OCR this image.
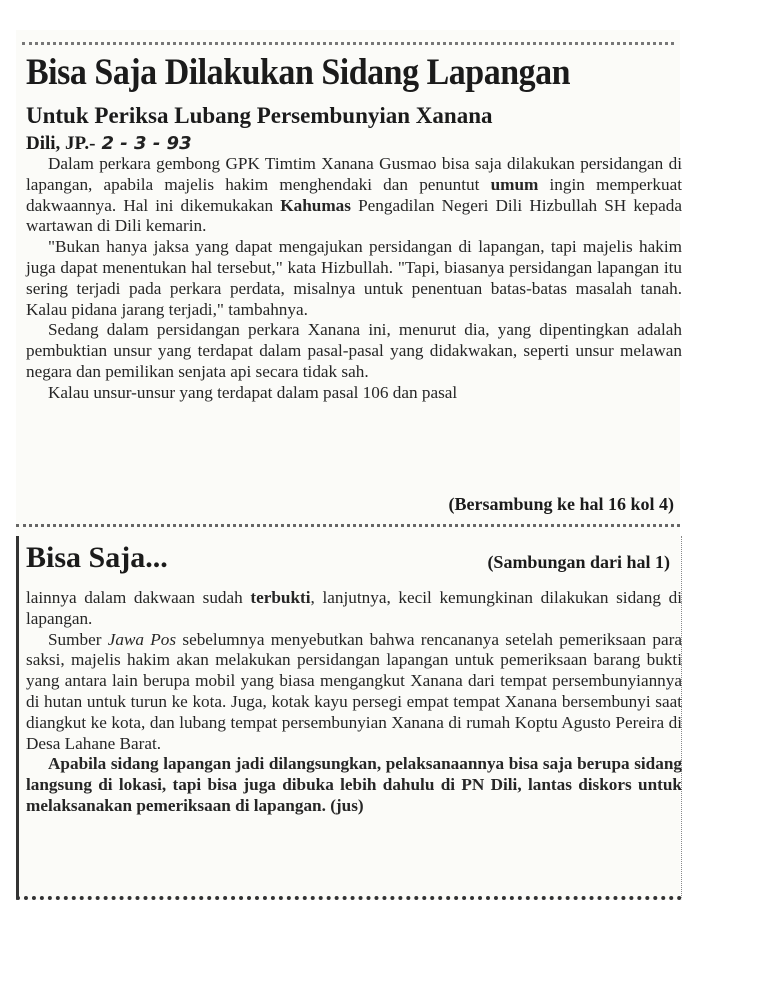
Bisa Saja Dilakukan Sidang Lapangan
Untuk Periksa Lubang Persembunyian Xanana
Dili, JP.- 2 - 3 - 93

Dalam perkara gembong GPK Timtim Xanana Gusmao bisa saja dilakukan persidangan di lapangan, apabila majelis hakim menghendaki dan penuntut umum ingin memperkuat dakwaannya. Hal ini dikemukakan Kahumas Pengadilan Negeri Dili Hizbullah SH kepada wartawan di Dili kemarin.

"Bukan hanya jaksa yang dapat mengajukan persidangan di lapangan, tapi majelis hakim juga dapat menentukan hal tersebut," kata Hizbullah. "Tapi, biasanya persidangan lapangan itu sering terjadi pada perkara perdata, misalnya untuk penentuan batas-batas masalah tanah. Kalau pidana jarang terjadi," tambahnya.

Sedang dalam persidangan perkara Xanana ini, menurut dia, yang dipentingkan adalah pembuktian unsur yang terdapat dalam pasal-pasal yang didakwakan, seperti unsur melawan negara dan pemilikan senjata api secara tidak sah.

Kalau unsur-unsur yang terdapat dalam pasal 106 dan pasal

(Bersambung ke hal 16 kol 4)
Bisa Saja...	(Sambungan dari hal 1)

lainnya dalam dakwaan sudah terbukti, lanjutnya, kecil kemungkinan dilakukan sidang di lapangan.

Sumber Jawa Pos sebelumnya menyebutkan bahwa rencananya setelah pemeriksaan para saksi, majelis hakim akan melakukan persidangan lapangan untuk pemeriksaan barang bukti yang antara lain berupa mobil yang biasa mengangkut Xanana dari tempat persembunyiannya di hutan untuk turun ke kota. Juga, kotak kayu persegi empat tempat Xanana bersembunyi saat diangkut ke kota, dan lubang tempat persembunyian Xanana di rumah Koptu Agusto Pereira di Desa Lahane Barat.

Apabila sidang lapangan jadi dilangsungkan, pelaksanaannya bisa saja berupa sidang langsung di lokasi, tapi bisa juga dibuka lebih dahulu di PN Dili, lantas diskors untuk melaksanakan pemeriksaan di lapangan. (jus)
